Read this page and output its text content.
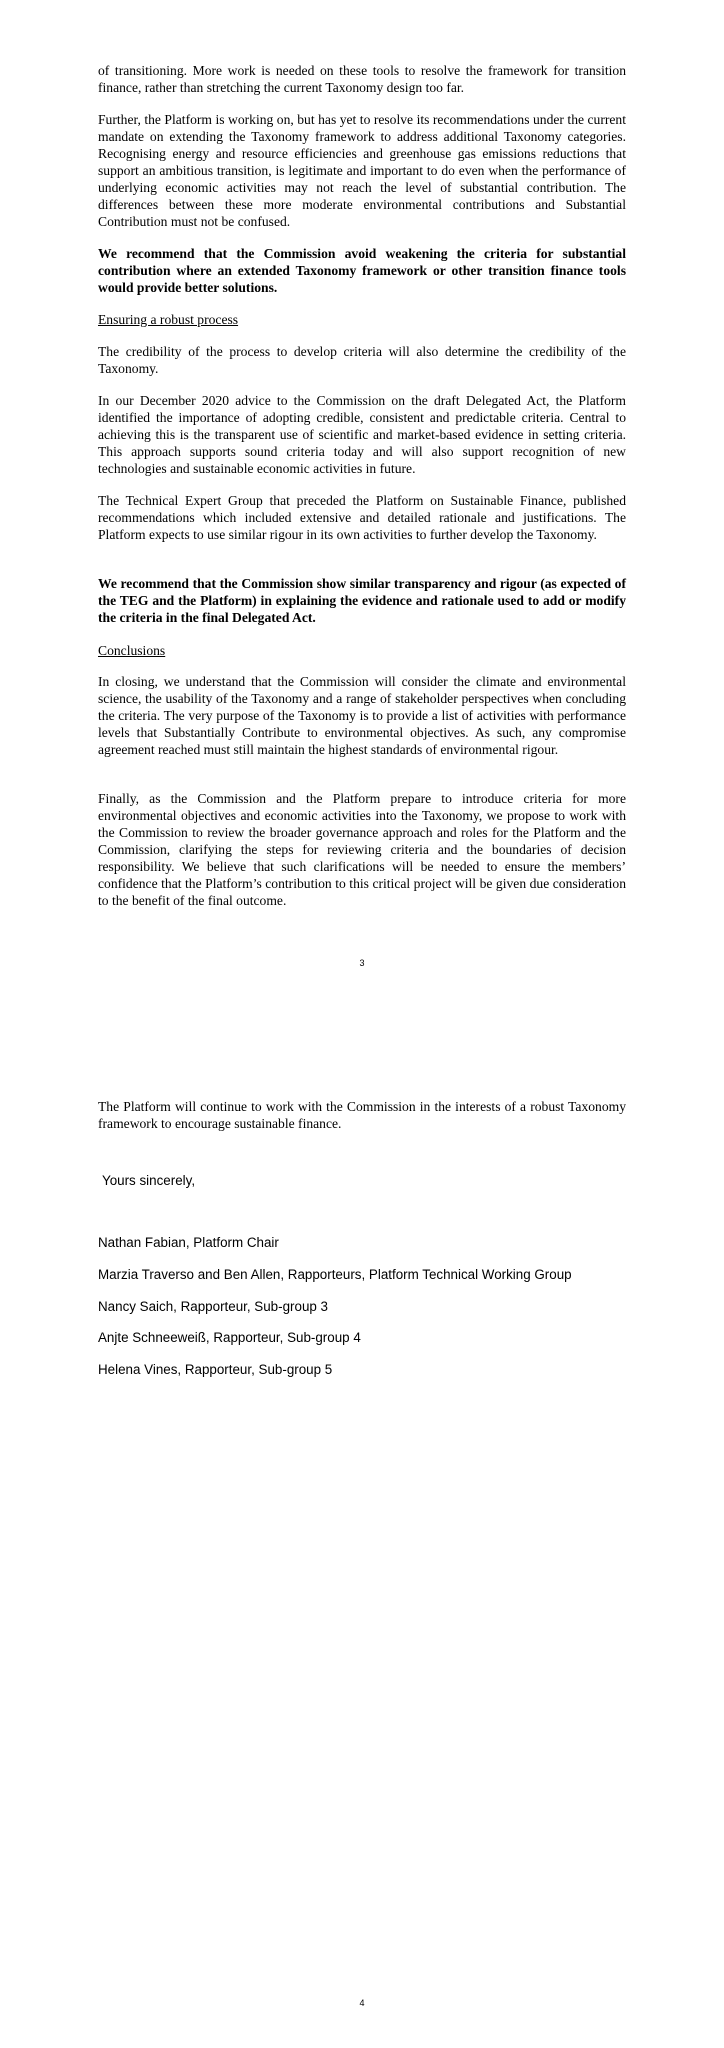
of transitioning. More work is needed on these tools to resolve the framework for transition finance, rather than stretching the current Taxonomy design too far.

Further, the Platform is working on, but has yet to resolve its recommendations under the current mandate on extending the Taxonomy framework to address additional Taxonomy categories. Recognising energy and resource efficiencies and greenhouse gas emissions reductions that support an ambitious transition, is legitimate and important to do even when the performance of underlying economic activities may not reach the level of substantial contribution. The differences between these more moderate environmental contributions and Substantial Contribution must not be confused.

We recommend that the Commission avoid weakening the criteria for substantial contribution where an extended Taxonomy framework or other transition finance tools would provide better solutions.

Ensuring a robust process

The credibility of the process to develop criteria will also determine the credibility of the Taxonomy.

In our December 2020 advice to the Commission on the draft Delegated Act, the Platform identified the importance of adopting credible, consistent and predictable criteria. Central to achieving this is the transparent use of scientific and market-based evidence in setting criteria. This approach supports sound criteria today and will also support recognition of new technologies and sustainable economic activities in future.

The Technical Expert Group that preceded the Platform on Sustainable Finance, published recommendations which included extensive and detailed rationale and justifications. The Platform expects to use similar rigour in its own activities to further develop the Taxonomy.

We recommend that the Commission show similar transparency and rigour (as expected of the TEG and the Platform) in explaining the evidence and rationale used to add or modify the criteria in the final Delegated Act.

Conclusions

In closing, we understand that the Commission will consider the climate and environmental science, the usability of the Taxonomy and a range of stakeholder perspectives when concluding the criteria. The very purpose of the Taxonomy is to provide a list of activities with performance levels that Substantially Contribute to environmental objectives. As such, any compromise agreement reached must still maintain the highest standards of environmental rigour.

Finally, as the Commission and the Platform prepare to introduce criteria for more environmental objectives and economic activities into the Taxonomy, we propose to work with the Commission to review the broader governance approach and roles for the Platform and the Commission, clarifying the steps for reviewing criteria and the boundaries of decision responsibility. We believe that such clarifications will be needed to ensure the members’ confidence that the Platform’s contribution to this critical project will be given due consideration to the benefit of the final outcome.

3

The Platform will continue to work with the Commission in the interests of a robust Taxonomy framework to encourage sustainable finance.

Yours sincerely,

Nathan Fabian, Platform Chair

Marzia Traverso and Ben Allen, Rapporteurs, Platform Technical Working Group

Nancy Saich, Rapporteur, Sub-group 3

Anjte Schneeweiß, Rapporteur, Sub-group 4

Helena Vines, Rapporteur, Sub-group 5

4
